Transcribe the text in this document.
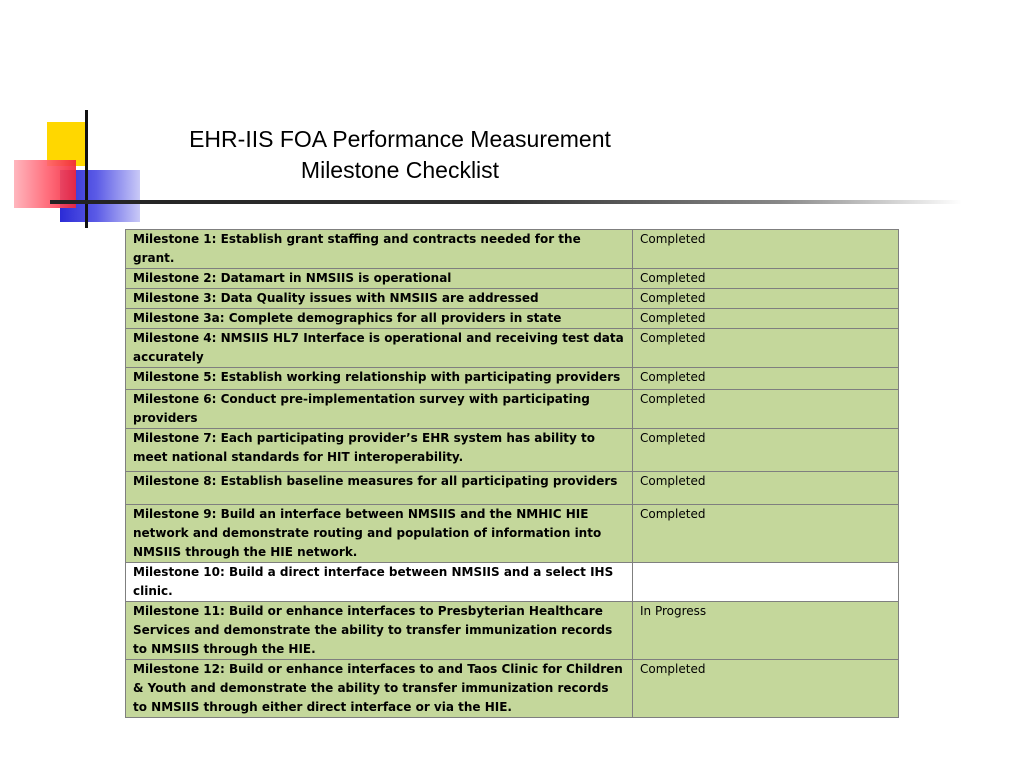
EHR-IIS FOA Performance Measurement
Milestone Checklist
Milestone 1: Establish grant staffing and contracts needed for the grant.	Completed
Milestone 2: Datamart in NMSIIS is operational	Completed
Milestone 3: Data Quality issues with NMSIIS are addressed	Completed
Milestone 3a: Complete demographics for all providers in state	Completed
Milestone 4: NMSIIS HL7 Interface is operational and receiving test data accurately	Completed
Milestone 5: Establish working relationship with participating providers	Completed
Milestone 6: Conduct pre-implementation survey with participating providers	Completed
Milestone 7: Each participating provider’s EHR system has ability to meet national standards for HIT interoperability.	Completed
Milestone 8: Establish baseline measures for all participating providers	Completed
Milestone 9: Build an interface between NMSIIS and the NMHIC HIE network and demonstrate routing and population of information into NMSIIS through the HIE network.	Completed
Milestone 10: Build a direct interface between NMSIIS and a select IHS clinic.	
Milestone 11: Build or enhance interfaces to Presbyterian Healthcare Services and demonstrate the ability to transfer immunization records to NMSIIS through the HIE.	In Progress
Milestone 12: Build or enhance interfaces to and Taos Clinic for Children & Youth and demonstrate the ability to transfer immunization records to NMSIIS through either direct interface or via the HIE.	Completed
